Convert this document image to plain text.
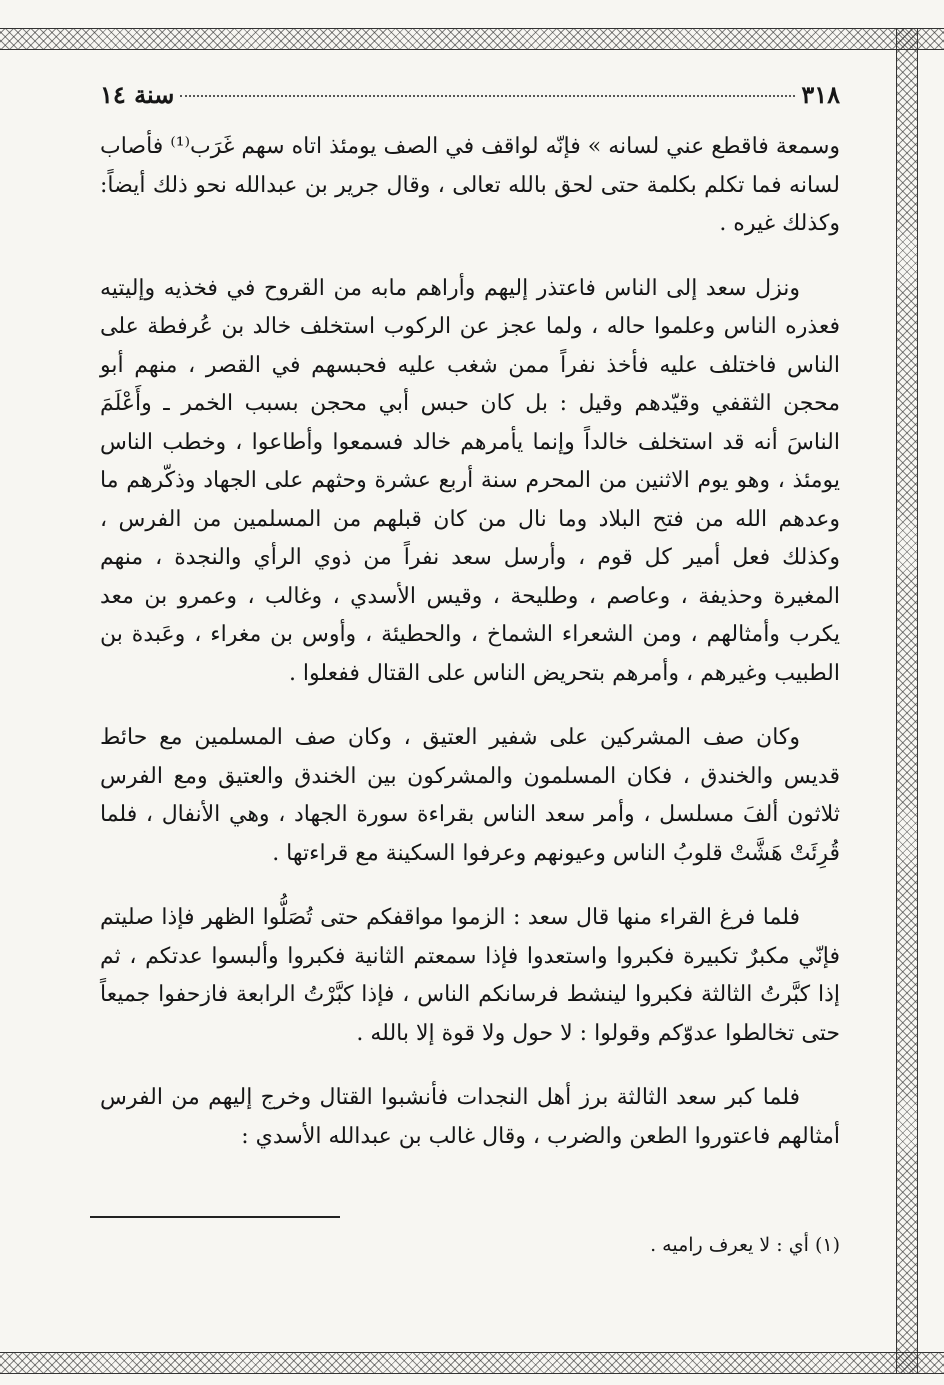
٣١٨
سنة ١٤

وسمعة فاقطع عني لسانه » فإنّه لواقف في الصف يومئذ اتاه سهم غَرَب⁽¹⁾ فأصاب لسانه فما تكلم بكلمة حتى لحق بالله تعالى ، وقال جرير بن عبدالله نحو ذلك أيضاً: وكذلك غيره .

ونزل سعد إلى الناس فاعتذر إليهم وأراهم مابه من القروح في فخذيه وإليتيه فعذره الناس وعلموا حاله ، ولما عجز عن الركوب استخلف خالد بن عُرفطة على الناس فاختلف عليه فأخذ نفراً ممن شغب عليه فحبسهم في القصر ، منهم أبو محجن الثقفي وقيّدهم وقيل : بل كان حبس أبي محجن بسبب الخمر ـ وأَعْلَمَ الناسَ أنه قد استخلف خالداً وإنما يأمرهم خالد فسمعوا وأطاعوا ، وخطب الناس يومئذ ، وهو يوم الاثنين من المحرم سنة أربع عشرة وحثهم على الجهاد وذكّرهم ما وعدهم الله من فتح البلاد وما نال من كان قبلهم من المسلمين من الفرس ، وكذلك فعل أمير كل قوم ، وأرسل سعد نفراً من ذوي الرأي والنجدة ، منهم المغيرة وحذيفة ، وعاصم ، وطليحة ، وقيس الأسدي ، وغالب ، وعمرو بن معد يكرب وأمثالهم ، ومن الشعراء الشماخ ، والحطيئة ، وأوس بن مغراء ، وعَبدة بن الطبيب وغيرهم ، وأمرهم بتحريض الناس على القتال ففعلوا .

وكان صف المشركين على شفير العتيق ، وكان صف المسلمين مع حائط قديس والخندق ، فكان المسلمون والمشركون بين الخندق والعتيق ومع الفرس ثلاثون ألفَ مسلسل ، وأمر سعد الناس بقراءة سورة الجهاد ، وهي الأنفال ، فلما قُرِئَتْ هَشَّتْ قلوبُ الناس وعيونهم وعرفوا السكينة مع قراءتها .

فلما فرغ القراء منها قال سعد : الزموا مواقفكم حتى تُصَلُّوا الظهر فإذا صليتم فإنّي مكبرٌ تكبيرة فكبروا واستعدوا فإذا سمعتم الثانية فكبروا وألبسوا عدتكم ، ثم إذا كبَّرتُ الثالثة فكبروا لينشط فرسانكم الناس ، فإذا كبَّرْتُ الرابعة فازحفوا جميعاً حتى تخالطوا عدوّكم وقولوا : لا حول ولا قوة إلا بالله .

فلما كبر سعد الثالثة برز أهل النجدات فأنشبوا القتال وخرج إليهم من الفرس أمثالهم فاعتوروا الطعن والضرب ، وقال غالب بن عبدالله الأسدي :

(١) أي : لا يعرف راميه .
